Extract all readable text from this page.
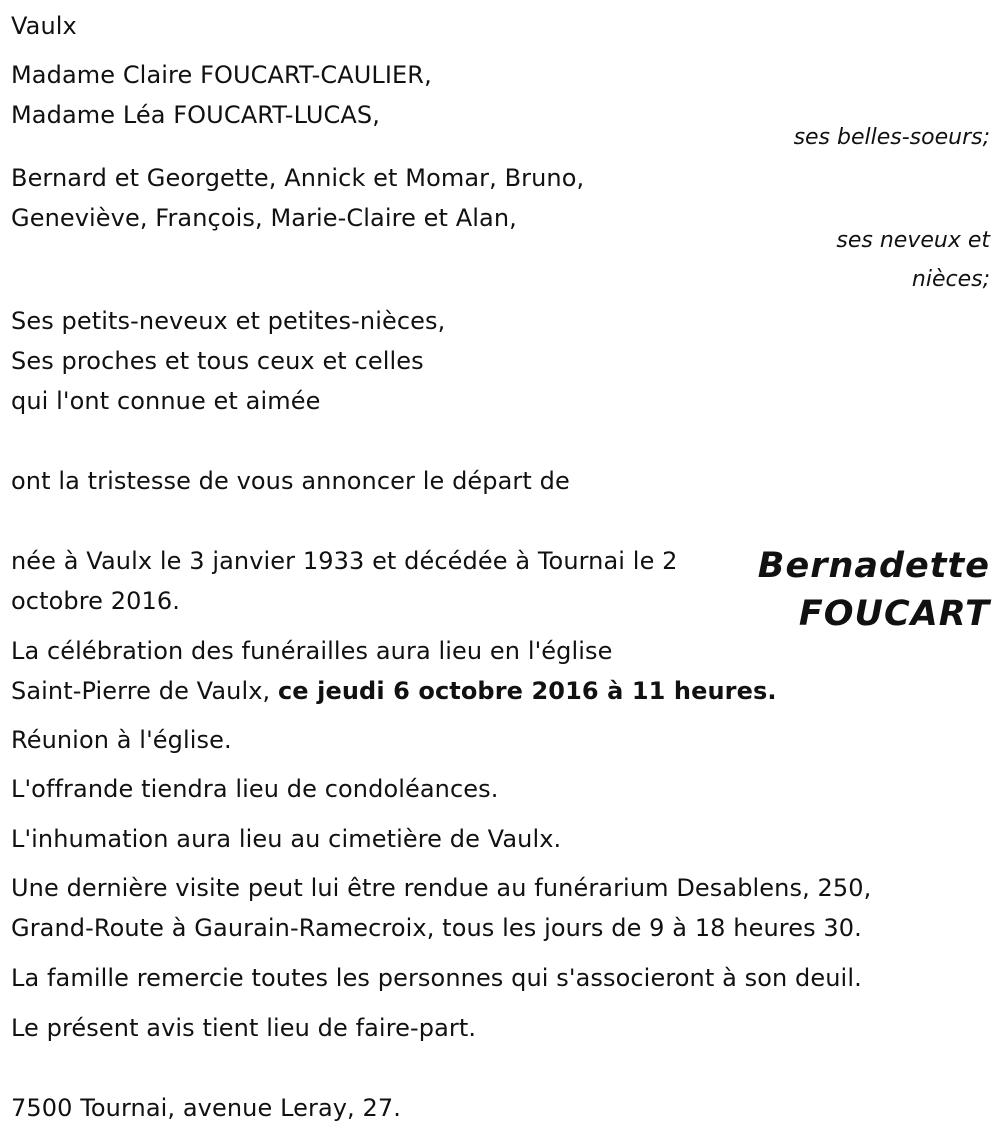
Vaulx
Madame Claire FOUCART-CAULIER,
Madame Léa FOUCART-LUCAS,
ses belles-soeurs;
Bernard et Georgette, Annick et Momar, Bruno,
Geneviève, François, Marie-Claire et Alan,
ses neveux et
nièces;
Ses petits-neveux et petites-nièces,
Ses proches et tous ceux et celles
qui l'ont connue et aimée
ont la tristesse de vous annoncer le départ de
Bernadette
FOUCART
née à Vaulx le 3 janvier 1933 et décédée à Tournai le 2
octobre 2016.
La célébration des funérailles aura lieu en l'église
Saint-Pierre de Vaulx, ce jeudi 6 octobre 2016 à 11 heures.
Réunion à l'église.
L'offrande tiendra lieu de condoléances.
L'inhumation aura lieu au cimetière de Vaulx.
Une dernière visite peut lui être rendue au funérarium Desablens, 250,
Grand-Route à Gaurain-Ramecroix, tous les jours de 9 à 18 heures 30.
La famille remercie toutes les personnes qui s'associeront à son deuil.
Le présent avis tient lieu de faire-part.
7500 Tournai, avenue Leray, 27.
